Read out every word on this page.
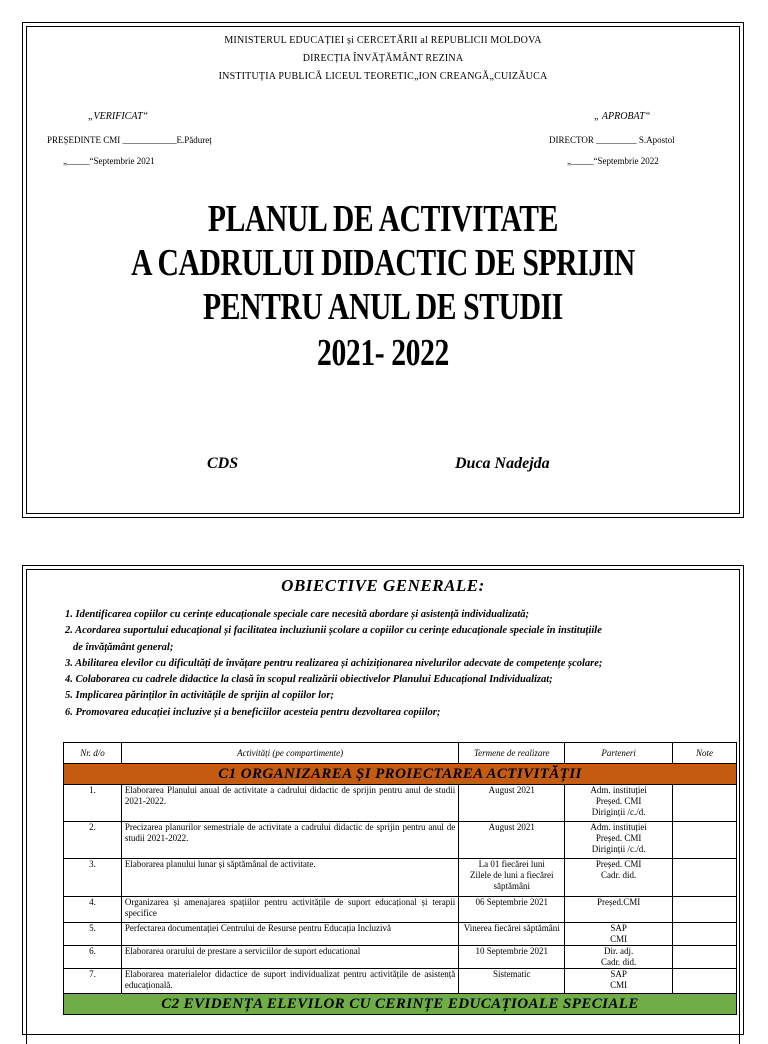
MINISTERUL EDUCAȚIEI și CERCETĂRII al REPUBLICII MOLDOVA
DIRECȚIA ÎNVĂȚĂMÂNT REZINA
INSTITUȚIA PUBLICĂ LICEUL TEORETIC„ION CREANGĂ„CUIZĂUCA
„VERIFICAT“	„ APROBAT“
PREȘEDINTE CMI ____________E.Pădureț	DIRECTOR _________ S.Apostol
„_____“Septembrie 2021	„_____“Septembrie 2022
PLANUL DE ACTIVITATE
A CADRULUI DIDACTIC DE SPRIJIN
PENTRU ANUL DE STUDII
2021- 2022
CDS	Duca Nadejda
OBIECTIVE GENERALE:
1. Identificarea copiilor cu cerințe educaționale speciale care necesită abordare și asistență individualizată;
2. Acordarea suportului educațional și facilitatea incluziunii școlare a copiilor cu cerințe educaționale speciale în instituțiile
de învățământ general;
3. Abilitarea elevilor cu dificultăți de învățare pentru realizarea și achiziționarea nivelurilor adecvate de competențe școlare;
4. Colaborarea cu cadrele didactice la clasă în scopul realizării obiectivelor Planului Educațional Individualizat;
5. Implicarea părinților în activitățile de sprijin al copiilor lor;
6. Promovarea educației incluzive și a beneficiilor acesteia pentru dezvoltarea copiilor;
Nr. d/o	Activități (pe compartimente)	Termene de realizare	Parteneri	Note
C1 ORGANIZAREA ȘI PROIECTAREA ACTIVITĂȚII				
1.	Elaborarea Planului anual de activitate a cadrului didactic de sprijin pentru anul de studii 2021-2022.	August 2021	Adm. instituției
Președ. CMI
Diriginții /c./d.	
2.	Precizarea planurilor semestriale de activitate a cadrului didactic de sprijin pentru anul de studii 2021-2022.	August 2021	Adm. instituției
Președ. CMI
Diriginții /c./d.	
3.	Elaborarea planului lunar și săptămânal de activitate.	La 01 fiecărei luni
Zilele de luni a fiecărei săptămâni	Președ. CMI
Cadr. did.	
4.	Organizarea și amenajarea spațiilor pentru activitățile de suport educațional și terapii specifice	06 Septembrie 2021	Președ.CMI	
5.	Perfectarea documentației Centrului de Resurse pentru Educația Incluzivă	Vinerea fiecărei săptămâni	SAP
CMI	
6.	Elaborarea orarului de prestare a serviciilor de suport educational	10 Septembrie 2021	Dir. adj.
Cadr. did.	
7.	Elaborarea materialelor didactice de suport individualizat pentru activitățile de asistență educațională.	Sistematic	SAP
CMI	
C2 EVIDENȚA ELEVILOR CU CERINȚE EDUCAȚIOALE SPECIALE				
